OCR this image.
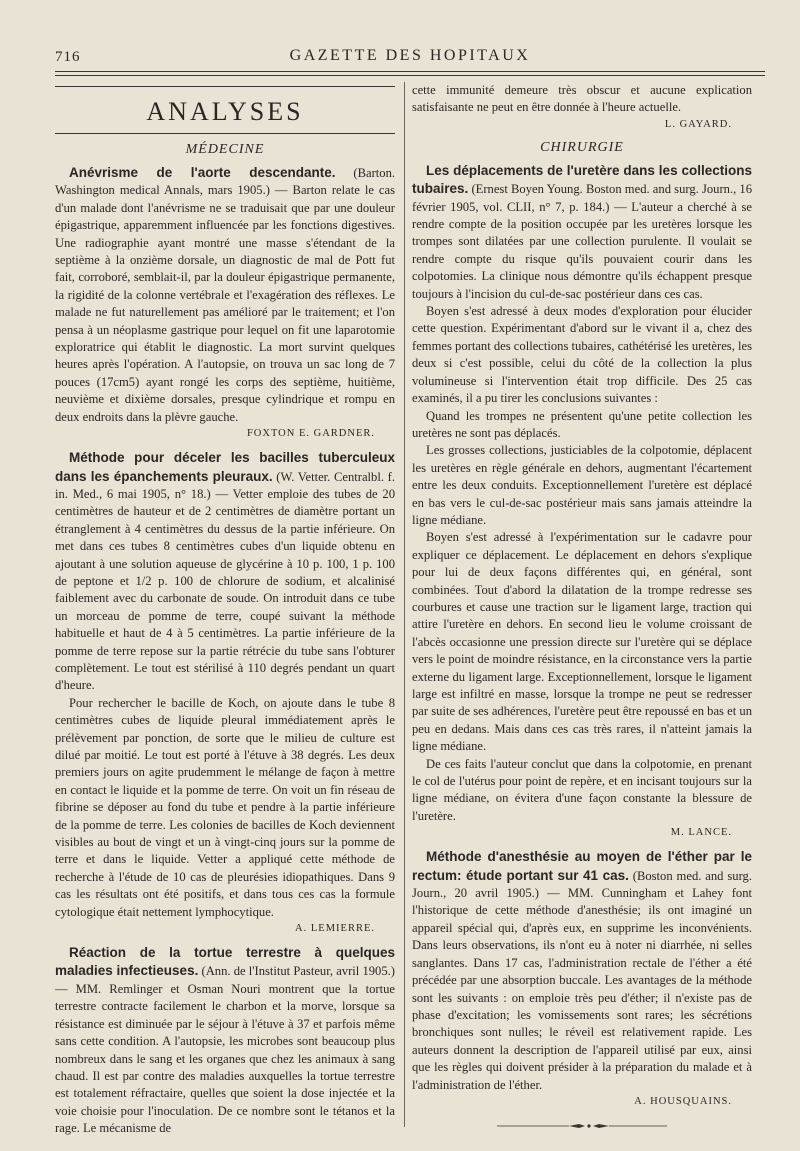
716	GAZETTE DES HOPITAUX
ANALYSES
MÉDECINE

Anévrisme de l'aorte descendante. (Barton. Washington medical Annals, mars 1905.) — Barton relate le cas d'un malade dont l'anévrisme ne se traduisait que par une douleur épigastrique, apparemment influencée par les fonctions digestives. Une radiographie ayant montré une masse s'étendant de la septième à la onzième dorsale, un diagnostic de mal de Pott fut fait, corroboré, semblait-il, par la douleur épigastrique permanente, la rigidité de la colonne vertébrale et l'exagération des réflexes. Le malade ne fut naturellement pas amélioré par le traitement; et l'on pensa à un néoplasme gastrique pour lequel on fit une laparotomie exploratrice qui établit le diagnostic. La mort survint quelques heures après l'opération. A l'autopsie, on trouva un sac long de 7 pouces (17cm5) ayant rongé les corps des septième, huitième, neuvième et dixième dorsales, presque cylindrique et rompu en deux endroits dans la plèvre gauche.

FOXTON E. GARDNER.

Méthode pour déceler les bacilles tuberculeux dans les épanchements pleuraux. (W. Vetter. Centralbl. f. in. Med., 6 mai 1905, n° 18.) — Vetter emploie des tubes de 20 centimètres de hauteur et de 2 centimètres de diamètre portant un étranglement à 4 centimètres du dessus de la partie inférieure. On met dans ces tubes 8 centimètres cubes d'un liquide obtenu en ajoutant à une solution aqueuse de glycérine à 10 p. 100, 1 p. 100 de peptone et 1/2 p. 100 de chlorure de sodium, et alcalinisé faiblement avec du carbonate de soude. On introduit dans ce tube un morceau de pomme de terre, coupé suivant la méthode habituelle et haut de 4 à 5 centimètres. La partie inférieure de la pomme de terre repose sur la partie rétrécie du tube sans l'obturer complètement. Le tout est stérilisé à 110 degrés pendant un quart d'heure.

Pour rechercher le bacille de Koch, on ajoute dans le tube 8 centimètres cubes de liquide pleural immédiatement après le prélèvement par ponction, de sorte que le milieu de culture est dilué par moitié. Le tout est porté à l'étuve à 38 degrés. Les deux premiers jours on agite prudemment le mélange de façon à mettre en contact le liquide et la pomme de terre. On voit un fin réseau de fibrine se déposer au fond du tube et pendre à la partie inférieure de la pomme de terre. Les colonies de bacilles de Koch deviennent visibles au bout de vingt et un à vingt-cinq jours sur la pomme de terre et dans le liquide. Vetter a appliqué cette méthode de recherche à l'étude de 10 cas de pleurésies idiopathiques. Dans 9 cas les résultats ont été positifs, et dans tous ces cas la formule cytologique était nettement lymphocytique.

A. LEMIERRE.

Réaction de la tortue terrestre à quelques maladies infectieuses. (Ann. de l'Institut Pasteur, avril 1905.) — MM. Remlinger et Osman Nouri montrent que la tortue terrestre contracte facilement le charbon et la morve, lorsque sa résistance est diminuée par le séjour à l'étuve à 37 et parfois même sans cette condition. A l'autopsie, les microbes sont beaucoup plus nombreux dans le sang et les organes que chez les animaux à sang chaud. Il est par contre des maladies auxquelles la tortue terrestre est totalement réfractaire, quelles que soient la dose injectée et la voie choisie pour l'inoculation. De ce nombre sont le tétanos et la rage. Le mécanisme de

cette immunité demeure très obscur et aucune explication satisfaisante ne peut en être donnée à l'heure actuelle.

L. GAYARD.
CHIRURGIE

Les déplacements de l'uretère dans les collections tubaires. (Ernest Boyen Young. Boston med. and surg. Journ., 16 février 1905, vol. CLII, n° 7, p. 184.) — L'auteur a cherché à se rendre compte de la position occupée par les uretères lorsque les trompes sont dilatées par une collection purulente. Il voulait se rendre compte du risque qu'ils pouvaient courir dans les colpotomies. La clinique nous démontre qu'ils échappent presque toujours à l'incision du cul-de-sac postérieur dans ces cas.

Boyen s'est adressé à deux modes d'exploration pour élucider cette question. Expérimentant d'abord sur le vivant il a, chez des femmes portant des collections tubaires, cathétérisé les uretères, les deux si c'est possible, celui du côté de la collection la plus volumineuse si l'intervention était trop difficile. Des 25 cas examinés, il a pu tirer les conclusions suivantes :

Quand les trompes ne présentent qu'une petite collection les uretères ne sont pas déplacés.

Les grosses collections, justiciables de la colpotomie, déplacent les uretères en règle générale en dehors, augmentant l'écartement entre les deux conduits. Exceptionnellement l'uretère est déplacé en bas vers le cul-de-sac postérieur mais sans jamais atteindre la ligne médiane.

Boyen s'est adressé à l'expérimentation sur le cadavre pour expliquer ce déplacement. Le déplacement en dehors s'explique pour lui de deux façons différentes qui, en général, sont combinées. Tout d'abord la dilatation de la trompe redresse ses courbures et cause une traction sur le ligament large, traction qui attire l'uretère en dehors. En second lieu le volume croissant de l'abcès occasionne une pression directe sur l'uretère qui se déplace vers le point de moindre résistance, en la circonstance vers la partie externe du ligament large. Exceptionnellement, lorsque le ligament large est infiltré en masse, lorsque la trompe ne peut se redresser par suite de ses adhérences, l'uretère peut être repoussé en bas et un peu en dedans. Mais dans ces cas très rares, il n'atteint jamais la ligne médiane.

De ces faits l'auteur conclut que dans la colpotomie, en prenant le col de l'utérus pour point de repère, et en incisant toujours sur la ligne médiane, on évitera d'une façon constante la blessure de l'uretère.

M. LANCE.

Méthode d'anesthésie au moyen de l'éther par le rectum: étude portant sur 41 cas. (Boston med. and surg. Journ., 20 avril 1905.) — MM. Cunningham et Lahey font l'historique de cette méthode d'anesthésie; ils ont imaginé un appareil spécial qui, d'après eux, en supprime les inconvénients. Dans leurs observations, ils n'ont eu à noter ni diarrhée, ni selles sanglantes. Dans 17 cas, l'administration rectale de l'éther a été précédée par une absorption buccale. Les avantages de la méthode sont les suivants : on emploie très peu d'éther; il n'existe pas de phase d'excitation; les vomissements sont rares; les sécrétions bronchiques sont nulles; le réveil est relativement rapide. Les auteurs donnent la description de l'appareil utilisé par eux, ainsi que les règles qui doivent présider à la préparation du malade et à l'administration de l'éther.

A. HOUSQUAINS.
